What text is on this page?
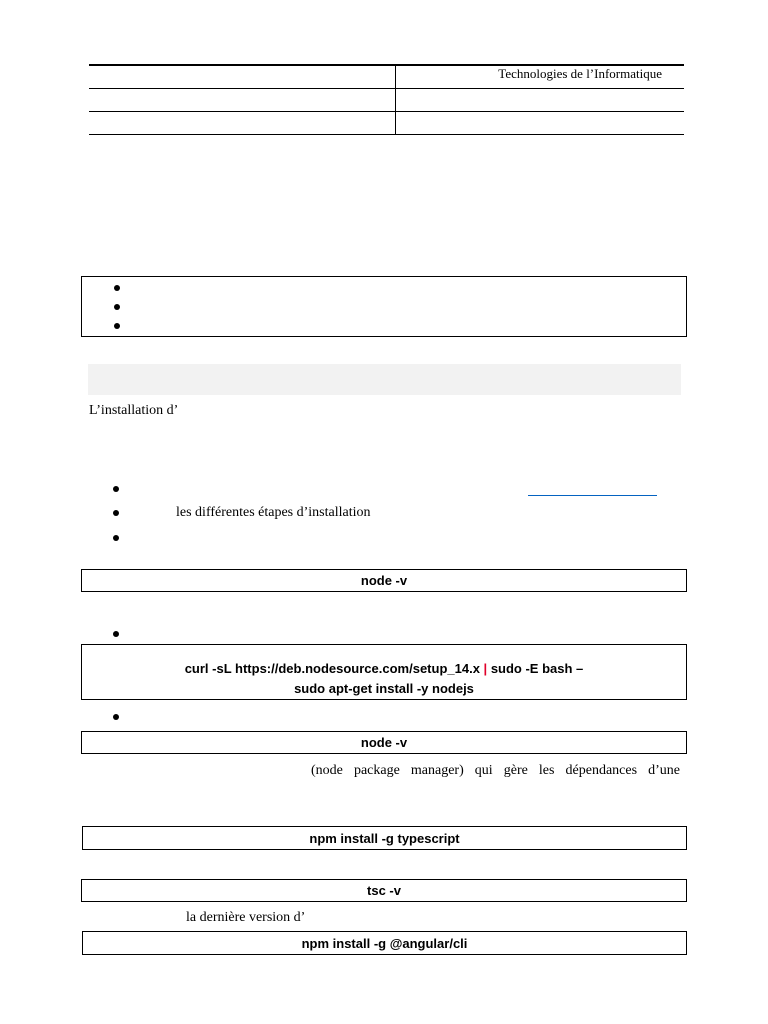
Technologies de l’Informatique
L’installation d’
les différentes étapes d’installation
node -v
curl -sL https://deb.nodesource.com/setup_14.x | sudo -E bash –
sudo apt-get install -y nodejs
node -v
(node package manager) qui gère les dépendances d’une
npm install -g typescript
tsc -v
la dernière version d’
npm install -g @angular/cli
